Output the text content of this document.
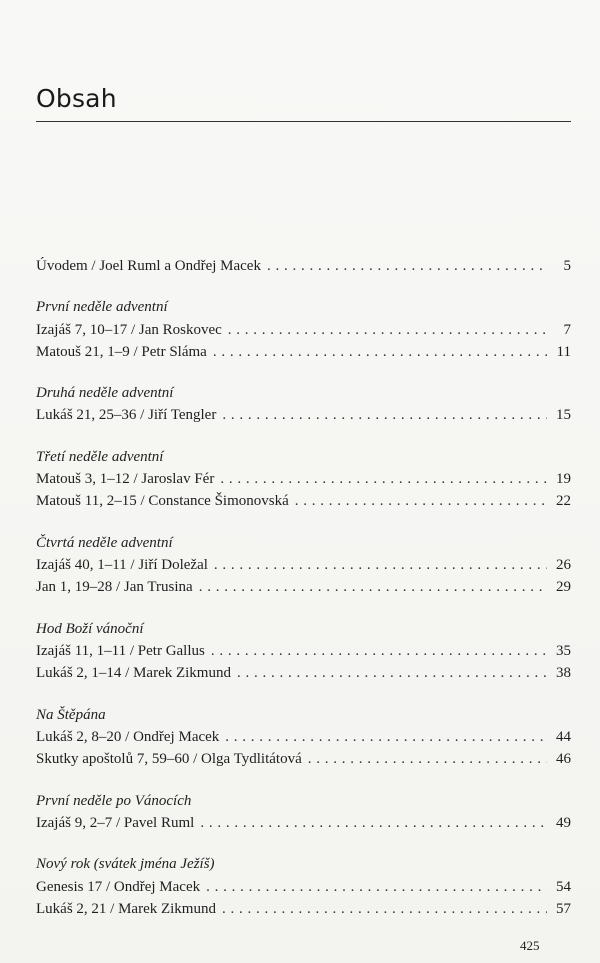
Obsah
Úvodem / Joel Ruml a Ondřej Macek . . .	5
První neděle adventní
Izajáš 7, 10–17 / Jan Roskovec . . .	7
Matouš 21, 1–9 / Petr Sláma . . .	11
Druhá neděle adventní
Lukáš 21, 25–36 / Jiří Tengler . . .	15
Třetí neděle adventní
Matouš 3, 1–12 / Jaroslav Fér . . .	19
Matouš 11, 2–15 / Constance Šimonovská . . .	22
Čtvrtá neděle adventní
Izajáš 40, 1–11 / Jiří Doležal . . .	26
Jan 1, 19–28 / Jan Trusina . . .	29
Hod Boží vánoční
Izajáš 11, 1–11 / Petr Gallus . . .	35
Lukáš 2, 1–14 / Marek Zikmund . . .	38
Na Štěpána
Lukáš 2, 8–20 / Ondřej Macek . . .	44
Skutky apoštolů 7, 59–60 / Olga Tydlitátová . . .	46
První neděle po Vánocích
Izajáš 9, 2–7 / Pavel Ruml . . .	49
Nový rok (svátek jména Ježíš)
Genesis 17 / Ondřej Macek . . .	54
Lukáš 2, 21 / Marek Zikmund . . .	57
425
